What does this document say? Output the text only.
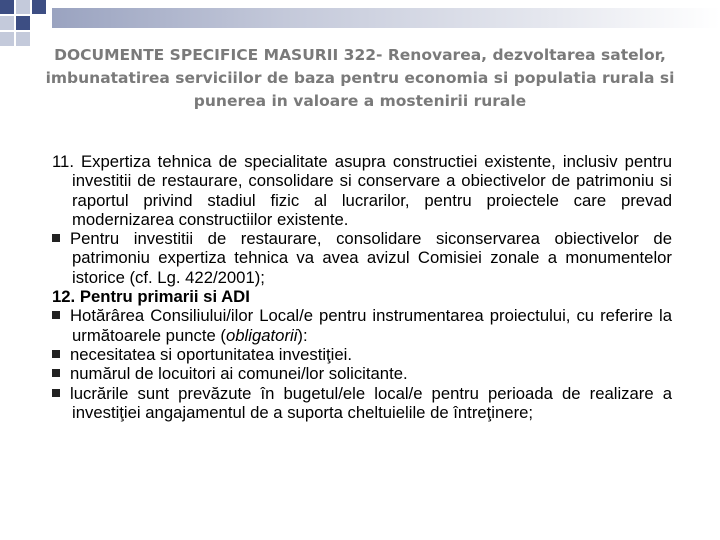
DOCUMENTE SPECIFICE MASURII 322- Renovarea, dezvoltarea satelor, imbunatatirea serviciilor de baza pentru economia si populatia rurala si punerea in valoare a mostenirii rurale

11. Expertiza tehnica de specialitate asupra constructiei existente, inclusiv pentru investitii de restaurare, consolidare si conservare a obiectivelor de patrimoniu si raportul privind stadiul fizic al lucrarilor, pentru proiectele care prevad modernizarea constructiilor existente.

Pentru investitii de restaurare, consolidare siconservarea obiectivelor de patrimoniu expertiza tehnica va avea avizul Comisiei zonale a monumentelor istorice (cf. Lg. 422/2001);

12. Pentru primarii si ADI

Hotărârea Consiliului/ilor Local/e pentru instrumentarea proiectului, cu referire la următoarele puncte (obligatorii):

necesitatea si oportunitatea investiţiei.

numărul de locuitori ai comunei/lor solicitante.

lucrările sunt prevăzute în bugetul/ele local/e pentru perioada de realizare a investiţiei angajamentul de a suporta cheltuielile de întreţinere;
